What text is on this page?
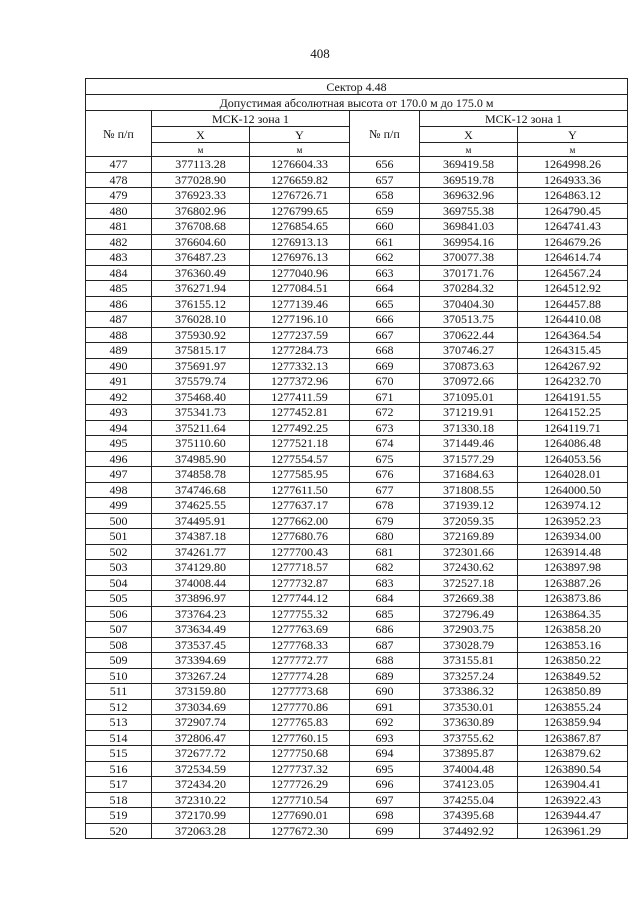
408
Сектор 4.48					
Допустимая абсолютная высота от 170.0 м до 175.0 м					
№ п/п	МСК-12 зона 1		№ п/п	МСК-12 зона 1	
	X	Y		X	Y
	м	м		м	м
477	377113.28	1276604.33	656	369419.58	1264998.26
478	377028.90	1276659.82	657	369519.78	1264933.36
479	376923.33	1276726.71	658	369632.96	1264863.12
480	376802.96	1276799.65	659	369755.38	1264790.45
481	376708.68	1276854.65	660	369841.03	1264741.43
482	376604.60	1276913.13	661	369954.16	1264679.26
483	376487.23	1276976.13	662	370077.38	1264614.74
484	376360.49	1277040.96	663	370171.76	1264567.24
485	376271.94	1277084.51	664	370284.32	1264512.92
486	376155.12	1277139.46	665	370404.30	1264457.88
487	376028.10	1277196.10	666	370513.75	1264410.08
488	375930.92	1277237.59	667	370622.44	1264364.54
489	375815.17	1277284.73	668	370746.27	1264315.45
490	375691.97	1277332.13	669	370873.63	1264267.92
491	375579.74	1277372.96	670	370972.66	1264232.70
492	375468.40	1277411.59	671	371095.01	1264191.55
493	375341.73	1277452.81	672	371219.91	1264152.25
494	375211.64	1277492.25	673	371330.18	1264119.71
495	375110.60	1277521.18	674	371449.46	1264086.48
496	374985.90	1277554.57	675	371577.29	1264053.56
497	374858.78	1277585.95	676	371684.63	1264028.01
498	374746.68	1277611.50	677	371808.55	1264000.50
499	374625.55	1277637.17	678	371939.12	1263974.12
500	374495.91	1277662.00	679	372059.35	1263952.23
501	374387.18	1277680.76	680	372169.89	1263934.00
502	374261.77	1277700.43	681	372301.66	1263914.48
503	374129.80	1277718.57	682	372430.62	1263897.98
504	374008.44	1277732.87	683	372527.18	1263887.26
505	373896.97	1277744.12	684	372669.38	1263873.86
506	373764.23	1277755.32	685	372796.49	1263864.35
507	373634.49	1277763.69	686	372903.75	1263858.20
508	373537.45	1277768.33	687	373028.79	1263853.16
509	373394.69	1277772.77	688	373155.81	1263850.22
510	373267.24	1277774.28	689	373257.24	1263849.52
511	373159.80	1277773.68	690	373386.32	1263850.89
512	373034.69	1277770.86	691	373530.01	1263855.24
513	372907.74	1277765.83	692	373630.89	1263859.94
514	372806.47	1277760.15	693	373755.62	1263867.87
515	372677.72	1277750.68	694	373895.87	1263879.62
516	372534.59	1277737.32	695	374004.48	1263890.54
517	372434.20	1277726.29	696	374123.05	1263904.41
518	372310.22	1277710.54	697	374255.04	1263922.43
519	372170.99	1277690.01	698	374395.68	1263944.47
520	372063.28	1277672.30	699	374492.92	1263961.29
